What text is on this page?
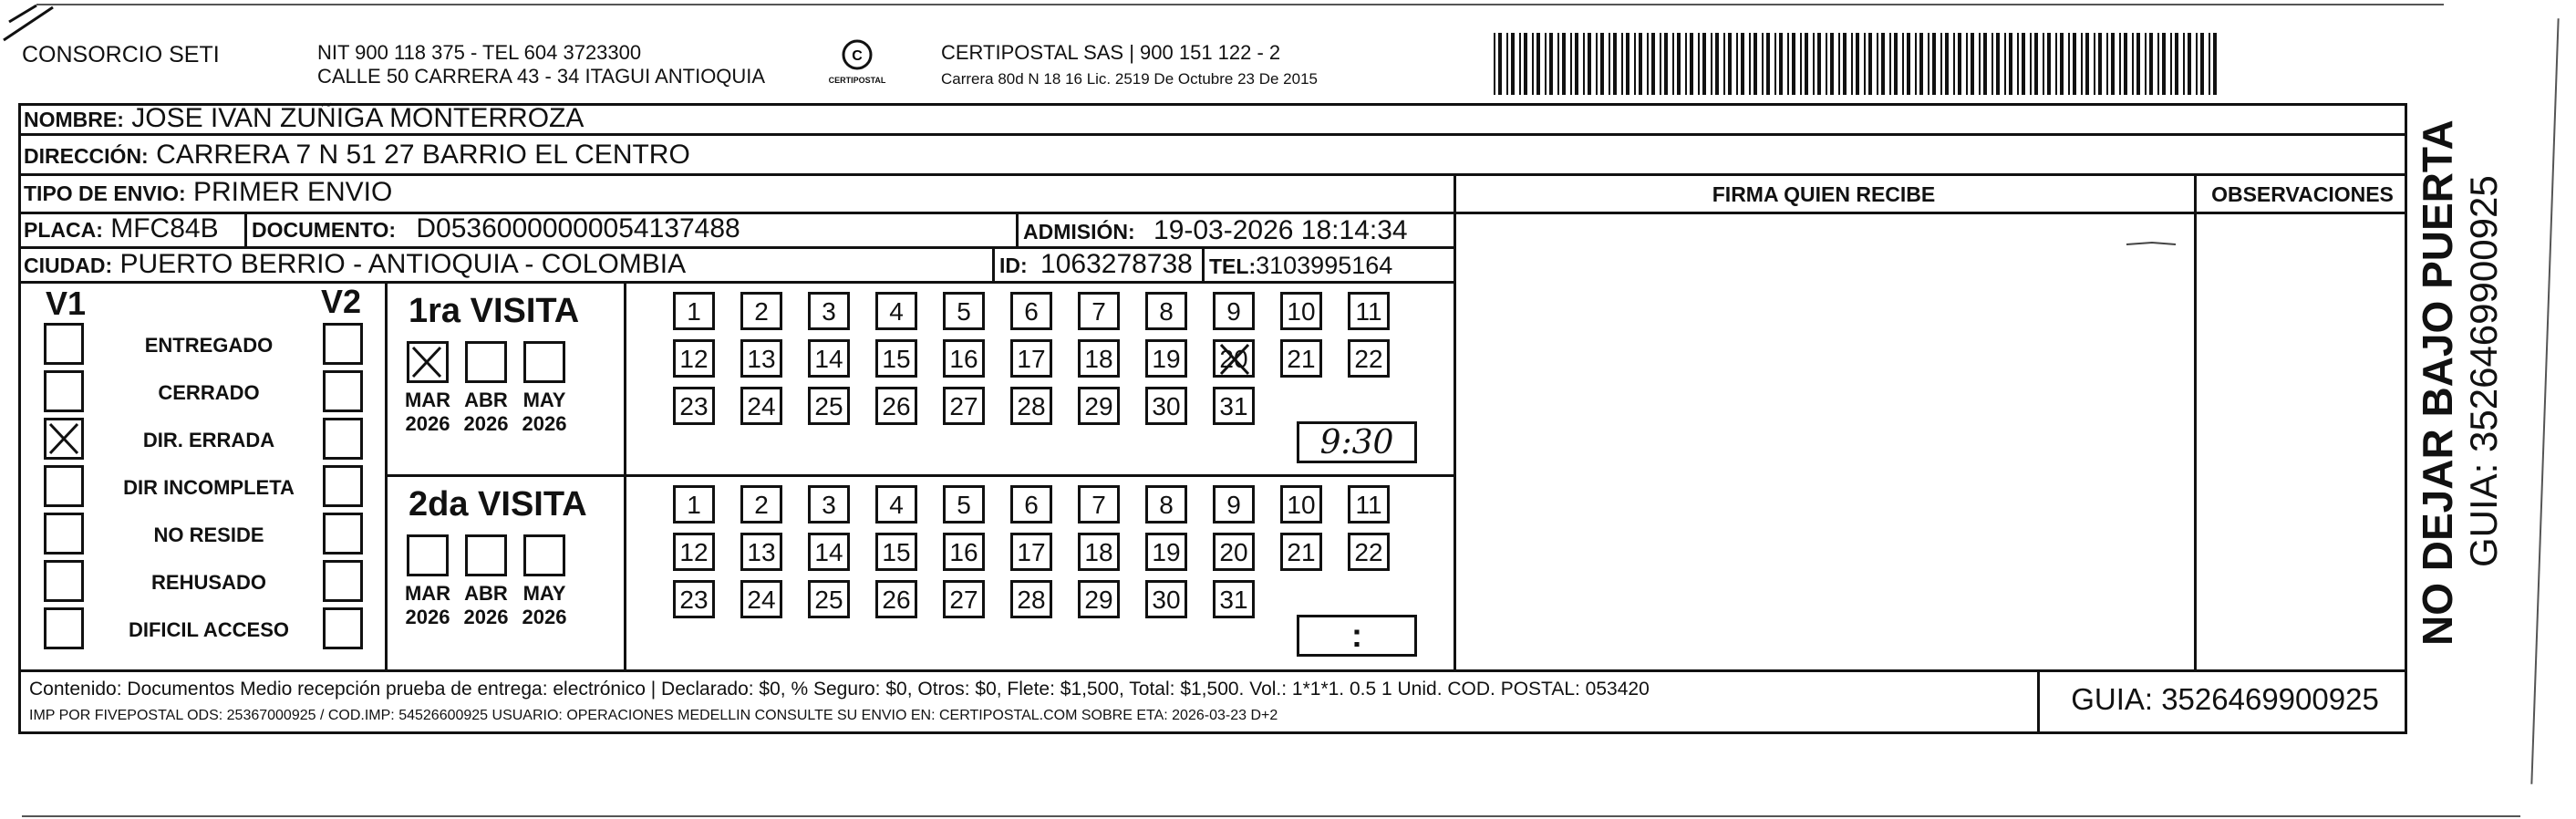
CONSORCIO SETI	NIT 900 118 375 - TEL 604 3723300
CALLE 50 CARRERA 43 - 34 ITAGUI ANTIOQUIA
C
CERTIPOSTAL
CERTIPOSTAL SAS | 900 151 122 - 2
Carrera 80d N 18 16 Lic. 2519 De Octubre 23 De 2015
NOMBRE: JOSE IVAN ZUÑIGA MONTERROZA
DIRECCIÓN: CARRERA 7 N 51 27 BARRIO EL CENTRO
TIPO DE ENVIO: PRIMER ENVIO	FIRMA QUIEN RECIBE	OBSERVACIONES
PLACA: MFC84B DOCUMENTO: D05360000000054137488	ADMISIÓN: 19-03-2026 18:14:34
CIUDAD: PUERTO BERRIO - ANTIOQUIA - COLOMBIA	ID: 1063278738 TEL:3103995164
V1	V2
ENTREGADO
CERRADO
DIR. ERRADA
DIR INCOMPLETA
NO RESIDE
REHUSADO
DIFICIL ACCESO
1ra VISITA
MAR
2026
ABR
2026
MAY
2026
1	2	3	4	5	6	7	8	9	10	11
12 13 14 15 16 17 18 19 20 21 22
23 24 25 26 27 28 29 30 31
9:30
2da VISITA
MAR
2026
ABR
2026
MAY
2026
1	2	3	4	5	6	7	8	9	10	11
12 13 14 15 16 17 18 19 20 21 22
23 24 25 26 27 28 29 30 31
:
Contenido: Documentos Medio recepción prueba de entrega: electrónico | Declarado: $0, % Seguro: $0, Otros: $0, Flete: $1,500, Total: $1,500. Vol.: 1*1*1. 0.5 1 Unid. COD. POSTAL: 053420
IMP POR FIVEPOSTAL ODS: 25367000925 / COD.IMP: 54526600925 USUARIO: OPERACIONES MEDELLIN CONSULTE SU ENVIO EN: CERTIPOSTAL.COM SOBRE ETA: 2026-03-23 D+2	GUIA: 3526469900925
NO DEJAR BAJO PUERTA GUIA: 3526469900925
